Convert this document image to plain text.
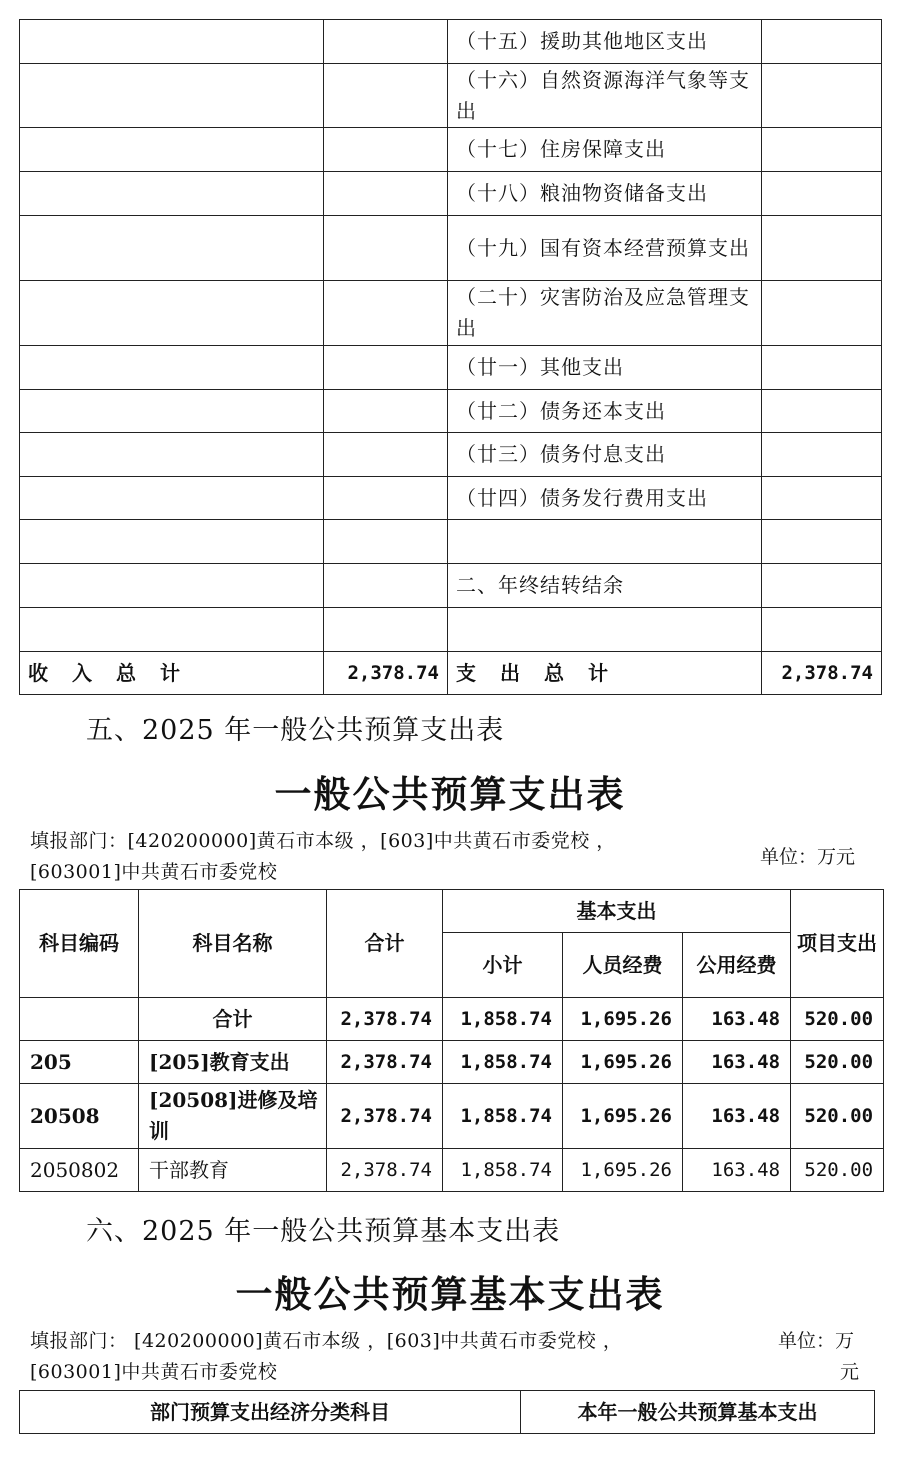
		（十五）援助其他地区支出	
		（十六）自然资源海洋气象等支出	
		（十七）住房保障支出	
		（十八）粮油物资储备支出	
		（十九）国有资本经营预算支出	
		（二十）灾害防治及应急管理支出	
		（廿一）其他支出	
		（廿二）债务还本支出	
		（廿三）债务付息支出	
		（廿四）债务发行费用支出	

		二、年终结转结余	

收　入　总　计	2,378.74	支　出　总　计	2,378.74
五、2025 年一般公共预算支出表
一般公共预算支出表

填报部门：[420200000]黄石市本级 ，[603]中共黄石市委党校 ，

[603001]中共黄石市委党校

单位：万元

科目编码	科目名称	合计	基本支出			项目支出
			小计	人员经费	公用经费	
	合计	2,378.74	1,858.74	1,695.26	163.48	520.00
205	[205]教育支出	2,378.74	1,858.74	1,695.26	163.48	520.00
20508	[20508]进修及培训	2,378.74	1,858.74	1,695.26	163.48	520.00
2050802	干部教育	2,378.74	1,858.74	1,695.26	163.48	520.00
六、2025 年一般公共预算基本支出表
一般公共预算基本支出表

填报部门： [420200000]黄石市本级 ，[603]中共黄石市委党校 ，

[603001]中共黄石市委党校

单位：万

元

部门预算支出经济分类科目	本年一般公共预算基本支出
